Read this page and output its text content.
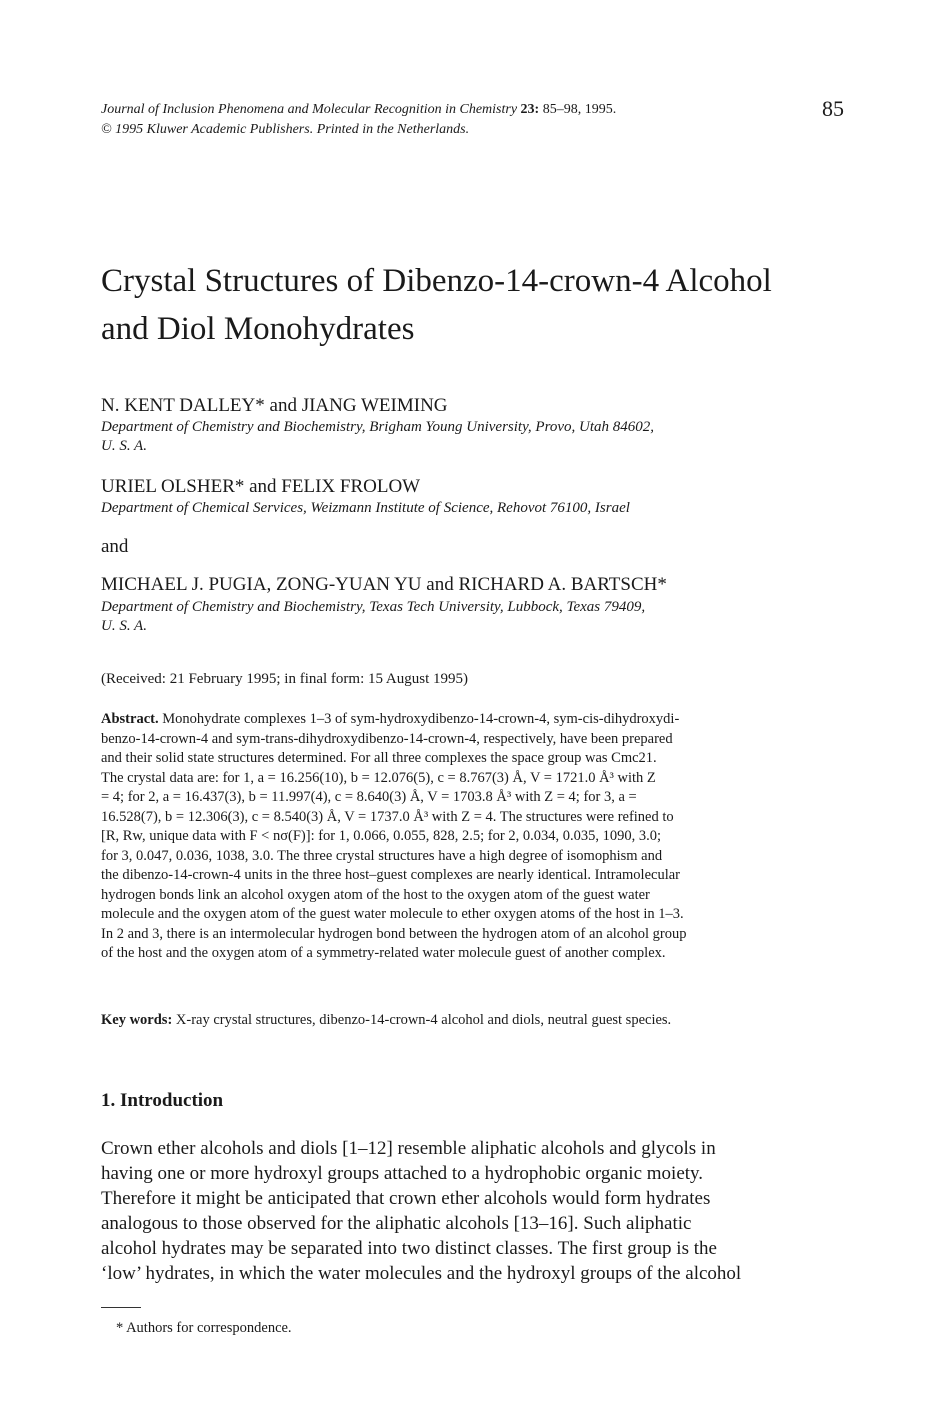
Journal of Inclusion Phenomena and Molecular Recognition in Chemistry 23: 85–98, 1995.
© 1995 Kluwer Academic Publishers. Printed in the Netherlands.
85
Crystal Structures of Dibenzo-14-crown-4 Alcohol
and Diol Monohydrates
N. KENT DALLEY* and JIANG WEIMING
Department of Chemistry and Biochemistry, Brigham Young University, Provo, Utah 84602,
U. S. A.
URIEL OLSHER* and FELIX FROLOW
Department of Chemical Services, Weizmann Institute of Science, Rehovot 76100, Israel
and
MICHAEL J. PUGIA, ZONG-YUAN YU and RICHARD A. BARTSCH*
Department of Chemistry and Biochemistry, Texas Tech University, Lubbock, Texas 79409,
U. S. A.
(Received: 21 February 1995; in final form: 15 August 1995)
Abstract. Monohydrate complexes 1–3 of sym-hydroxydibenzo-14-crown-4, sym-cis-dihydroxydi-
benzo-14-crown-4 and sym-trans-dihydroxydibenzo-14-crown-4, respectively, have been prepared
and their solid state structures determined. For all three complexes the space group was Cmc21.
The crystal data are: for 1, a = 16.256(10), b = 12.076(5), c = 8.767(3) Å, V = 1721.0 Å³ with Z
= 4; for 2, a = 16.437(3), b = 11.997(4), c = 8.640(3) Å, V = 1703.8 Å³ with Z = 4; for 3, a =
16.528(7), b = 12.306(3), c = 8.540(3) Å, V = 1737.0 Å³ with Z = 4. The structures were refined to
[R, Rw, unique data with F < nσ(F)]: for 1, 0.066, 0.055, 828, 2.5; for 2, 0.034, 0.035, 1090, 3.0;
for 3, 0.047, 0.036, 1038, 3.0. The three crystal structures have a high degree of isomophism and
the dibenzo-14-crown-4 units in the three host–guest complexes are nearly identical. Intramolecular
hydrogen bonds link an alcohol oxygen atom of the host to the oxygen atom of the guest water
molecule and the oxygen atom of the guest water molecule to ether oxygen atoms of the host in 1–3.
In 2 and 3, there is an intermolecular hydrogen bond between the hydrogen atom of an alcohol group
of the host and the oxygen atom of a symmetry-related water molecule guest of another complex.
Key words: X-ray crystal structures, dibenzo-14-crown-4 alcohol and diols, neutral guest species.
1. Introduction
Crown ether alcohols and diols [1–12] resemble aliphatic alcohols and glycols in
having one or more hydroxyl groups attached to a hydrophobic organic moiety.
Therefore it might be anticipated that crown ether alcohols would form hydrates
analogous to those observed for the aliphatic alcohols [13–16]. Such aliphatic
alcohol hydrates may be separated into two distinct classes. The first group is the
‘low’ hydrates, in which the water molecules and the hydroxyl groups of the alcohol
* Authors for correspondence.
